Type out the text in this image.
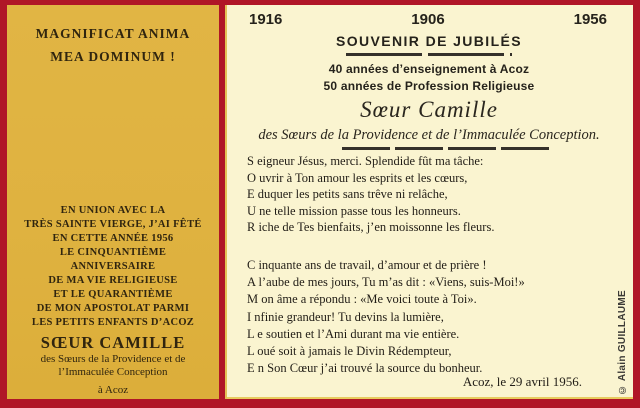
MAGNIFICAT ANIMA
MEA DOMINUM !
EN UNION AVEC LA
TRÈS SAINTE VIERGE, J’AI FÊTÉ
EN CETTE ANNÉE 1956
LE CINQUANTIÈME
ANNIVERSAIRE
DE MA VIE RELIGIEUSE
ET LE QUARANTIÈME
DE MON APOSTOLAT PARMI
LES PETITS ENFANTS D’ACOZ
SŒUR CAMILLE
des Sœurs de la Providence et de
l’Immaculée Conception
à Acoz
1916	1906	1956
SOUVENIR DE JUBILÉS
40 années d’enseignement à Acoz
50 années de Profession Religieuse
Sœur Camille
des Sœurs de la Providence et de l’Immaculée Conception.
S eigneur Jésus, merci. Splendide fût ma tâche:
O uvrir à Ton amour les esprits et les cœurs,
E duquer les petits sans trêve ni relâche,
U ne telle mission passe tous les honneurs.
R iche de Tes bienfaits, j’en moissonne les fleurs.
C inquante ans de travail, d’amour et de prière !
A l’aube de mes jours, Tu m’as dit : «Viens, suis-Moi!»
M on âme a répondu : «Me voici toute à Toi».
I nfinie grandeur! Tu devins la lumière,
L e soutien et l’Ami durant ma vie entière.
L oué soit à jamais le Divin Rédempteur,
E n Son Cœur j’ai trouvé la source du bonheur.
Acoz, le 29 avril 1956.	© Alain GUILLAUME
